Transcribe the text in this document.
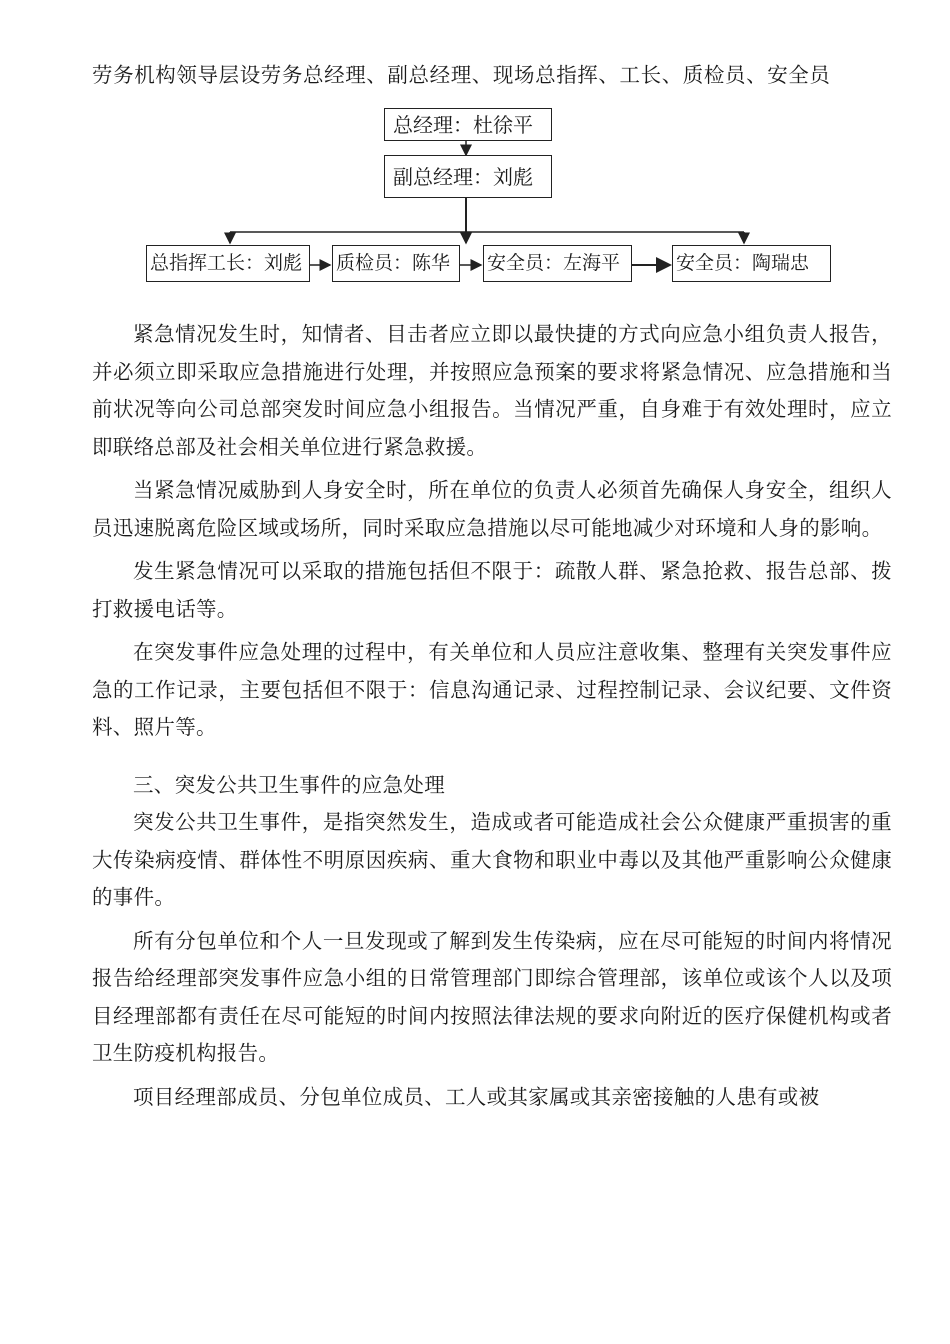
劳务机构领导层设劳务总经理、副总经理、现场总指挥、工长、质检员、安全员
总经理：杜徐平
副总经理：刘彪
总指挥工长：刘彪	质检员：陈华	安全员：左海平	安全员：陶瑞忠

紧急情况发生时，知情者、目击者应立即以最快捷的方式向应急小组负责人报告，并必须立即采取应急措施进行处理，并按照应急预案的要求将紧急情况、应急措施和当前状况等向公司总部突发时间应急小组报告。当情况严重，自身难于有效处理时，应立即联络总部及社会相关单位进行紧急救援。

当紧急情况威胁到人身安全时，所在单位的负责人必须首先确保人身安全，组织人员迅速脱离危险区域或场所，同时采取应急措施以尽可能地减少对环境和人身的影响。

发生紧急情况可以采取的措施包括但不限于：疏散人群、紧急抢救、报告总部、拨打救援电话等。

在突发事件应急处理的过程中，有关单位和人员应注意收集、整理有关突发事件应急的工作记录，主要包括但不限于：信息沟通记录、过程控制记录、会议纪要、文件资料、照片等。

三、突发公共卫生事件的应急处理

突发公共卫生事件，是指突然发生，造成或者可能造成社会公众健康严重损害的重大传染病疫情、群体性不明原因疾病、重大食物和职业中毒以及其他严重影响公众健康的事件。

所有分包单位和个人一旦发现或了解到发生传染病，应在尽可能短的时间内将情况报告给经理部突发事件应急小组的日常管理部门即综合管理部，该单位或该个人以及项目经理部都有责任在尽可能短的时间内按照法律法规的要求向附近的医疗保健机构或者卫生防疫机构报告。

项目经理部成员、分包单位成员、工人或其家属或其亲密接触的人患有或被
